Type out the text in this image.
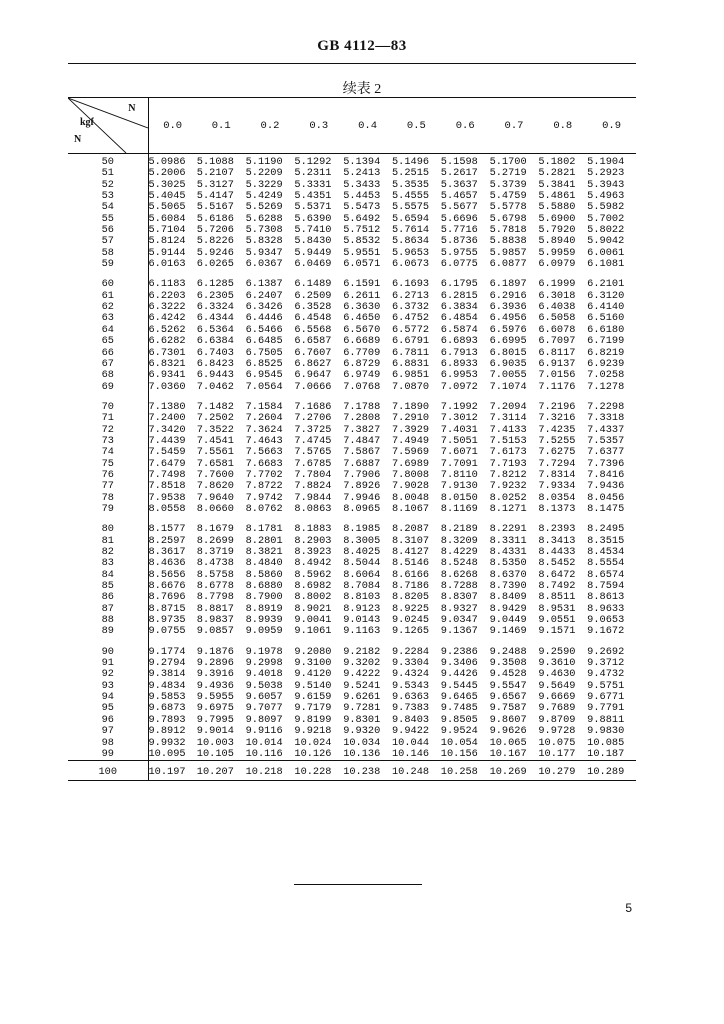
GB 4112—83
续表 2
N
kgf
N	0.0	0.1	0.2	0.3	0.4	0.5	0.6	0.7	0.8	0.9
50	5.0986	5.1088	5.1190	5.1292	5.1394	5.1496	5.1598	5.1700	5.1802	5.1904
51	5.2006	5.2107	5.2209	5.2311	5.2413	5.2515	5.2617	5.2719	5.2821	5.2923
52	5.3025	5.3127	5.3229	5.3331	5.3433	5.3535	5.3637	5.3739	5.3841	5.3943
53	5.4045	5.4147	5.4249	5.4351	5.4453	5.4555	5.4657	5.4759	5.4861	5.4963
54	5.5065	5.5167	5.5269	5.5371	5.5473	5.5575	5.5677	5.5778	5.5880	5.5982
55	5.6084	5.6186	5.6288	5.6390	5.6492	5.6594	5.6696	5.6798	5.6900	5.7002
56	5.7104	5.7206	5.7308	5.7410	5.7512	5.7614	5.7716	5.7818	5.7920	5.8022
57	5.8124	5.8226	5.8328	5.8430	5.8532	5.8634	5.8736	5.8838	5.8940	5.9042
58	5.9144	5.9246	5.9347	5.9449	5.9551	5.9653	5.9755	5.9857	5.9959	6.0061
59	6.0163	6.0265	6.0367	6.0469	6.0571	6.0673	6.0775	6.0877	6.0979	6.1081
60	6.1183	6.1285	6.1387	6.1489	6.1591	6.1693	6.1795	6.1897	6.1999	6.2101
61	6.2203	6.2305	6.2407	6.2509	6.2611	6.2713	6.2815	6.2916	6.3018	6.3120
62	6.3222	6.3324	6.3426	6.3528	6.3630	6.3732	6.3834	6.3936	6.4038	6.4140
63	6.4242	6.4344	6.4446	6.4548	6.4650	6.4752	6.4854	6.4956	6.5058	6.5160
64	6.5262	6.5364	6.5466	6.5568	6.5670	6.5772	6.5874	6.5976	6.6078	6.6180
65	6.6282	6.6384	6.6485	6.6587	6.6689	6.6791	6.6893	6.6995	6.7097	6.7199
66	6.7301	6.7403	6.7505	6.7607	6.7709	6.7811	6.7913	6.8015	6.8117	6.8219
67	6.8321	6.8423	6.8525	6.8627	6.8729	6.8831	6.8933	6.9035	6.9137	6.9239
68	6.9341	6.9443	6.9545	6.9647	6.9749	6.9851	6.9953	7.0055	7.0156	7.0258
69	7.0360	7.0462	7.0564	7.0666	7.0768	7.0870	7.0972	7.1074	7.1176	7.1278
70	7.1380	7.1482	7.1584	7.1686	7.1788	7.1890	7.1992	7.2094	7.2196	7.2298
71	7.2400	7.2502	7.2604	7.2706	7.2808	7.2910	7.3012	7.3114	7.3216	7.3318
72	7.3420	7.3522	7.3624	7.3725	7.3827	7.3929	7.4031	7.4133	7.4235	7.4337
73	7.4439	7.4541	7.4643	7.4745	7.4847	7.4949	7.5051	7.5153	7.5255	7.5357
74	7.5459	7.5561	7.5663	7.5765	7.5867	7.5969	7.6071	7.6173	7.6275	7.6377
75	7.6479	7.6581	7.6683	7.6785	7.6887	7.6989	7.7091	7.7193	7.7294	7.7396
76	7.7498	7.7600	7.7702	7.7804	7.7906	7.8008	7.8110	7.8212	7.8314	7.8416
77	7.8518	7.8620	7.8722	7.8824	7.8926	7.9028	7.9130	7.9232	7.9334	7.9436
78	7.9538	7.9640	7.9742	7.9844	7.9946	8.0048	8.0150	8.0252	8.0354	8.0456
79	8.0558	8.0660	8.0762	8.0863	8.0965	8.1067	8.1169	8.1271	8.1373	8.1475
80	8.1577	8.1679	8.1781	8.1883	8.1985	8.2087	8.2189	8.2291	8.2393	8.2495
81	8.2597	8.2699	8.2801	8.2903	8.3005	8.3107	8.3209	8.3311	8.3413	8.3515
82	8.3617	8.3719	8.3821	8.3923	8.4025	8.4127	8.4229	8.4331	8.4433	8.4534
83	8.4636	8.4738	8.4840	8.4942	8.5044	8.5146	8.5248	8.5350	8.5452	8.5554
84	8.5656	8.5758	8.5860	8.5962	8.6064	8.6166	8.6268	8.6370	8.6472	8.6574
85	8.6676	8.6778	8.6880	8.6982	8.7084	8.7186	8.7288	8.7390	8.7492	8.7594
86	8.7696	8.7798	8.7900	8.8002	8.8103	8.8205	8.8307	8.8409	8.8511	8.8613
87	8.8715	8.8817	8.8919	8.9021	8.9123	8.9225	8.9327	8.9429	8.9531	8.9633
88	8.9735	8.9837	8.9939	9.0041	9.0143	9.0245	9.0347	9.0449	9.0551	9.0653
89	9.0755	9.0857	9.0959	9.1061	9.1163	9.1265	9.1367	9.1469	9.1571	9.1672
90	9.1774	9.1876	9.1978	9.2080	9.2182	9.2284	9.2386	9.2488	9.2590	9.2692
91	9.2794	9.2896	9.2998	9.3100	9.3202	9.3304	9.3406	9.3508	9.3610	9.3712
92	9.3814	9.3916	9.4018	9.4120	9.4222	9.4324	9.4426	9.4528	9.4630	9.4732
93	9.4834	9.4936	9.5038	9.5140	9.5241	9.5343	9.5445	9.5547	9.5649	9.5751
94	9.5853	9.5955	9.6057	9.6159	9.6261	9.6363	9.6465	9.6567	9.6669	9.6771
95	9.6873	9.6975	9.7077	9.7179	9.7281	9.7383	9.7485	9.7587	9.7689	9.7791
96	9.7893	9.7995	9.8097	9.8199	9.8301	9.8403	9.8505	9.8607	9.8709	9.8811
97	9.8912	9.9014	9.9116	9.9218	9.9320	9.9422	9.9524	9.9626	9.9728	9.9830
98	9.9932	10.003	10.014	10.024	10.034	10.044	10.054	10.065	10.075	10.085
99	10.095	10.105	10.116	10.126	10.136	10.146	10.156	10.167	10.177	10.187
100	10.197	10.207	10.218	10.228	10.238	10.248	10.258	10.269	10.279	10.289
5
